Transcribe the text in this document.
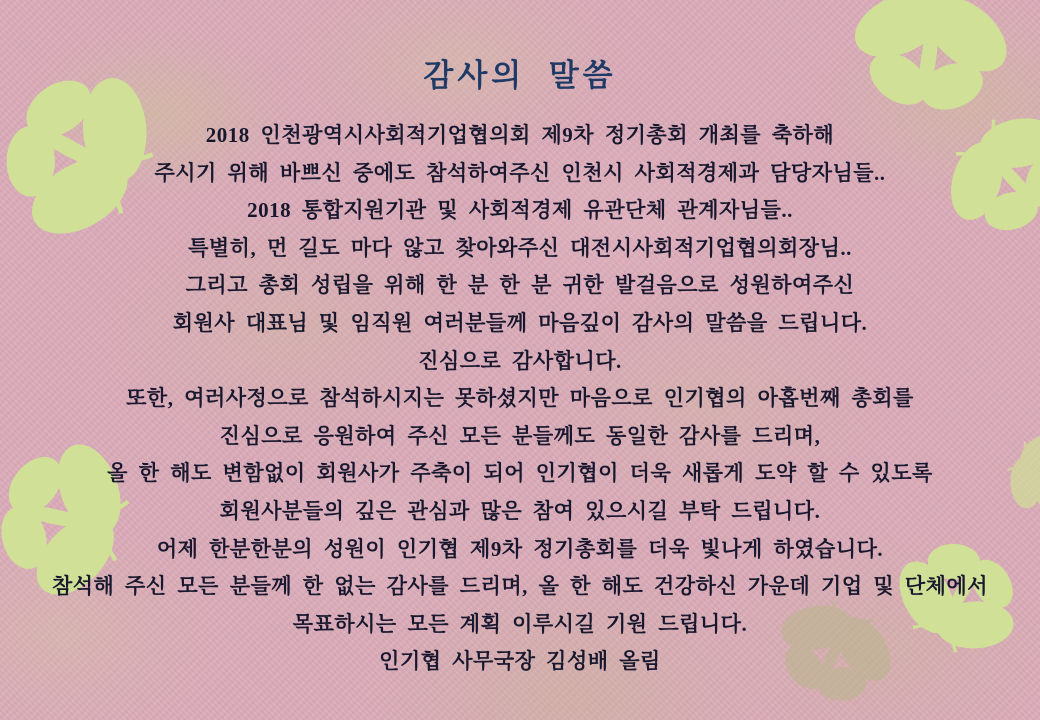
감사의  말씀

2018 인천광역시사회적기업협의회 제9차 정기총회 개최를 축하해

주시기 위해 바쁘신 중에도 참석하여주신 인천시 사회적경제과 담당자님들..

2018 통합지원기관 및 사회적경제 유관단체 관계자님들..

특별히, 먼 길도 마다 않고 찾아와주신 대전시사회적기업협의회장님..

그리고 총회 성립을 위해 한 분 한 분 귀한 발걸음으로 성원하여주신

회원사 대표님 및 임직원 여러분들께 마음깊이 감사의 말씀을 드립니다.

진심으로 감사합니다.

또한, 여러사정으로 참석하시지는 못하셨지만 마음으로 인기협의 아홉번째 총회를

진심으로 응원하여 주신 모든 분들께도 동일한 감사를 드리며,

올 한 해도 변함없이 회원사가 주축이 되어 인기협이 더욱 새롭게 도약 할 수 있도록

회원사분들의 깊은 관심과 많은 참여 있으시길 부탁 드립니다.

어제 한분한분의 성원이 인기협 제9차 정기총회를 더욱 빛나게 하였습니다.

참석해 주신 모든 분들께 한 없는 감사를 드리며, 올 한 해도 건강하신 가운데 기업 및 단체에서

목표하시는 모든 계획 이루시길 기원 드립니다.

인기협 사무국장 김성배 올림
